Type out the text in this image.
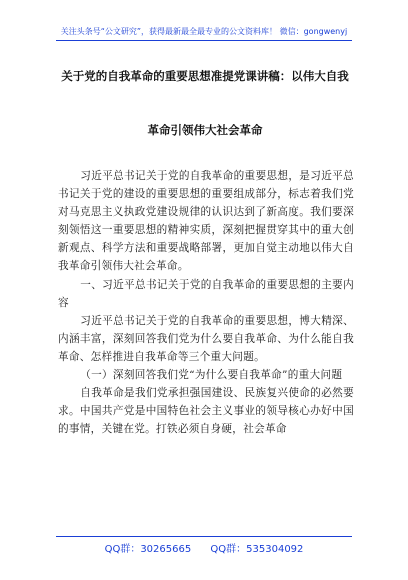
关注头条号“公文研究”，获得最新最全最专业的公文资料库！ 微信：gongwenyj
关于党的自我革命的重要思想准提党课讲稿：以伟大自我
革命引领伟大社会革命

习近平总书记关于党的自我革命的重要思想，是习近平总书记关于党的建设的重要思想的重要组成部分，标志着我们党对马克思主义执政党建设规律的认识达到了新高度。我们要深刻领悟这一重要思想的精神实质，深刻把握贯穿其中的重大创新观点、科学方法和重要战略部署，更加自觉主动地以伟大自我革命引领伟大社会革命。

一、习近平总书记关于党的自我革命的重要思想的主要内容

习近平总书记关于党的自我革命的重要思想，博大精深、内涵丰富，深刻回答我们党为什么要自我革命、为什么能自我革命、怎样推进自我革命等三个重大问题。

（一）深刻回答我们党“为什么要自我革命”的重大问题

自我革命是我们党承担强国建设、民族复兴使命的必然要求。中国共产党是中国特色社会主义事业的领导核心办好中国的事情，关键在党。打铁必须自身硬，社会革命

QQ群：30265665 QQ群：535304092
